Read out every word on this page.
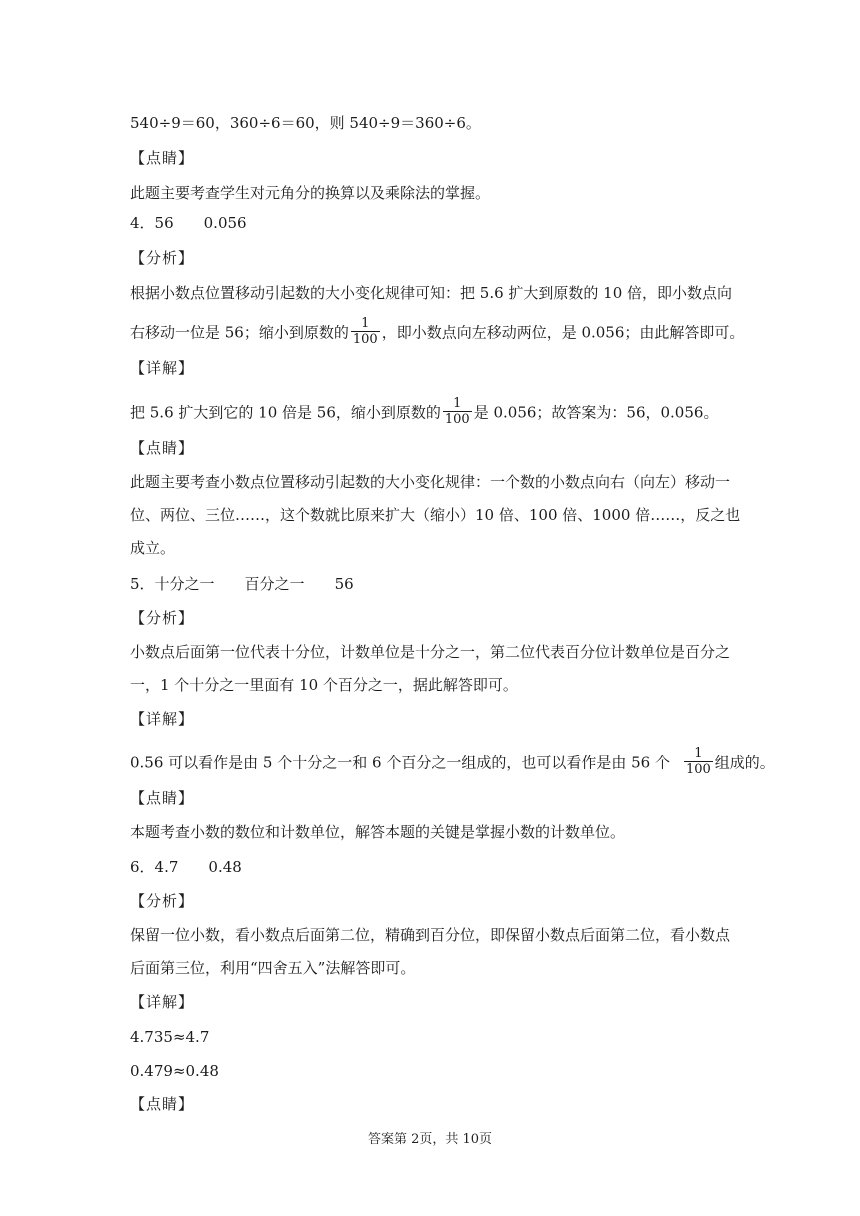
540÷9＝60，360÷6＝60，则 540÷9＝360÷6。
【点睛】
此题主要考查学生对元角分的换算以及乘除法的掌握。
4．56 0.056
【分析】
根据小数点位置移动引起数的大小变化规律可知：把 5.6 扩大到原数的 10 倍，即小数点向
右移动一位是 56；缩小到原数的 $\frac{1}{100}$ ，即小数点向左移动两位，是 0.056；由此解答即可。
【详解】
把 5.6 扩大到它的 10 倍是 56，缩小到原数的 $\frac{1}{100}$ 是 0.056；故答案为：56，0.056。
【点睛】
此题主要考查小数点位置移动引起数的大小变化规律：一个数的小数点向右（向左）移动一
位、两位、三位……，这个数就比原来扩大（缩小）10 倍、100 倍、1000 倍……，反之也
成立。
5．十分之一 百分之一 56
【分析】
小数点后面第一位代表十分位，计数单位是十分之一，第二位代表百分位计数单位是百分之
一，1 个十分之一里面有 10 个百分之一，据此解答即可。
【详解】
0.56 可以看作是由 5 个十分之一和 6 个百分之一组成的，也可以看作是由 56 个 $\frac{1}{100}$ 组成的。
【点睛】
本题考查小数的数位和计数单位，解答本题的关键是掌握小数的计数单位。
6．4.7 0.48
【分析】
保留一位小数，看小数点后面第二位，精确到百分位，即保留小数点后面第二位，看小数点
后面第三位，利用“四舍五入”法解答即可。
【详解】
4.735≈4.7
0.479≈0.48
【点睛】
答案第 2页，共 10页
